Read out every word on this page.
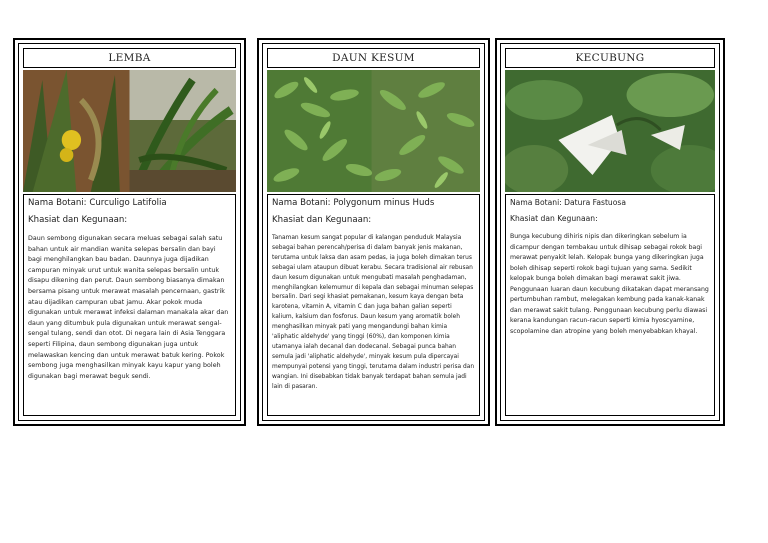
LEMBA

Nama Botani: Curculigo Latifolia

Khasiat dan Kegunaan:

Daun sembong digunakan secara meluas sebagai salah satu bahan untuk air mandian wanita selepas bersalin dan bayi bagi menghilangkan bau badan. Daunnya juga dijadikan campuran minyak urut untuk wanita selepas bersalin untuk disapu dikening dan perut. Daun sembong biasanya dimakan bersama pisang untuk merawat masalah pencernaan, gastrik atau dijadikan campuran ubat jamu. Akar pokok muda digunakan untuk merawat infeksi dalaman manakala akar dan daun yang ditumbuk pula digunakan untuk merawat sengal-sengal tulang, sendi dan otot. Di negara lain di Asia Tenggara seperti Filipina, daun sembong digunakan juga untuk melawaskan kencing dan untuk merawat batuk kering. Pokok sembong juga menghasilkan minyak kayu kapur yang boleh digunakan bagi merawat beguk sendi.

DAUN KESUM

Nama Botani: Polygonum minus Huds

Khasiat dan Kegunaan:

Tanaman kesum sangat popular di kalangan penduduk Malaysia sebagai bahan perencah/perisa di dalam banyak jenis makanan, terutama untuk laksa dan asam pedas, ia juga boleh dimakan terus sebagai ulam ataupun dibuat kerabu. Secara tradisional air rebusan daun kesum digunakan untuk mengubati masalah penghadaman, menghilangkan kelemumur di kepala dan sebagai minuman selepas bersalin. Dari segi khasiat pemakanan, kesum kaya dengan beta karotena, vitamin A, vitamin C dan juga bahan galian seperti kalium, kalsium dan fosforus. Daun kesum yang aromatik boleh menghasilkan minyak pati yang mengandungi bahan kimia 'aliphatic aldehyde' yang tinggi (60%), dan komponen kimia utamanya ialah decanal dan dodecanal. Sebagai punca bahan semula jadi 'aliphatic aldehyde', minyak kesum pula dipercayai mempunyai potensi yang tinggi, terutama dalam industri perisa dan wangian. Ini disebabkan tidak banyak terdapat bahan semula jadi lain di pasaran.

KECUBUNG

Nama Botani: Datura Fastuosa

Khasiat dan Kegunaan:

Bunga kecubung dihiris nipis dan dikeringkan sebelum ia dicampur dengan tembakau untuk dihisap sebagai rokok bagi merawat penyakit lelah. Kelopak bunga yang dikeringkan juga boleh dihisap seperti rokok bagi tujuan yang sama. Sedikit kelopak bunga boleh dimakan bagi merawat sakit jiwa. Penggunaan luaran daun kecubung dikatakan dapat meransang pertumbuhan rambut, melegakan kembung pada kanak-kanak dan merawat sakit tulang. Penggunaan kecubung perlu diawasi kerana kandungan racun-racun seperti kimia hyoscyamine, scopolamine dan atropine yang boleh menyebabkan khayal.
